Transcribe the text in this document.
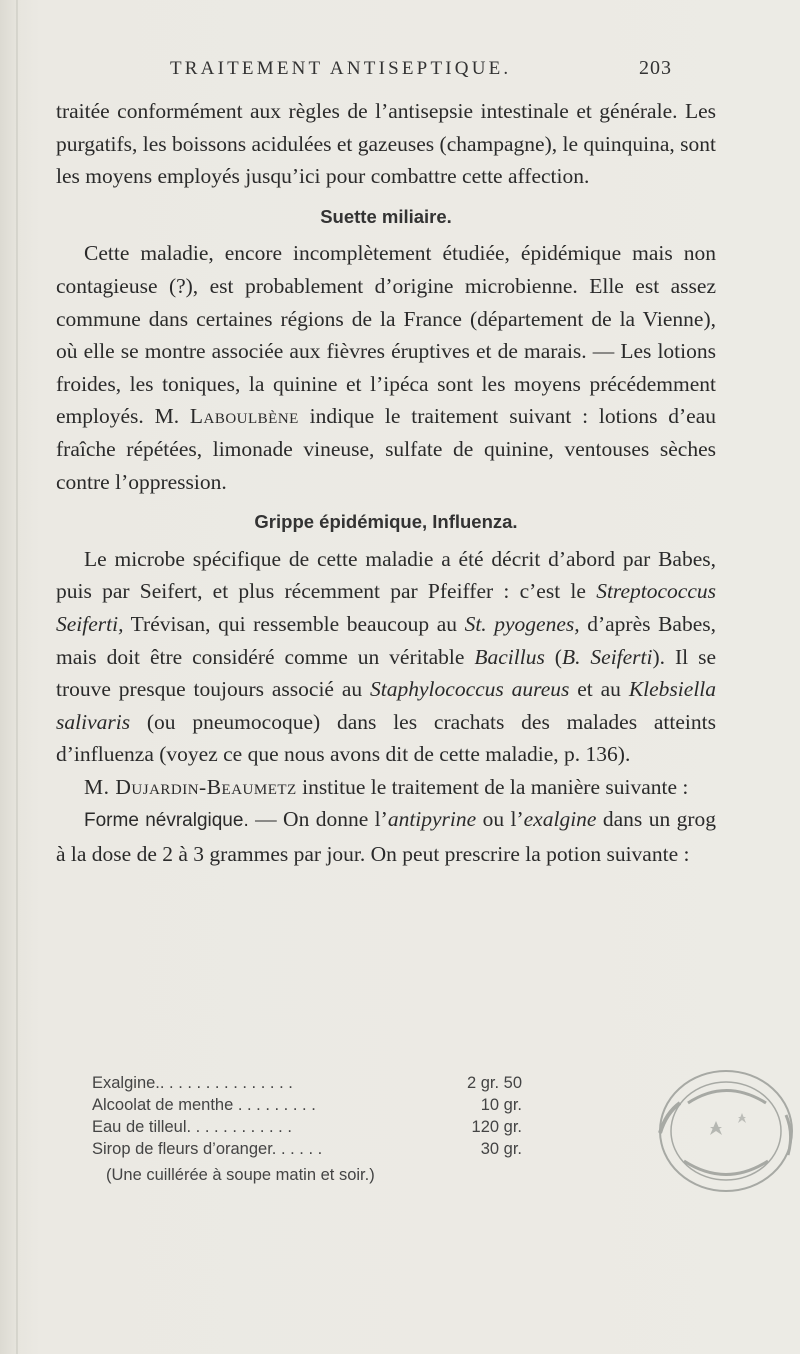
TRAITEMENT ANTISEPTIQUE.	203

traitée conformément aux règles de l’antisepsie intestinale et générale. Les purgatifs, les boissons acidulées et gazeuses (champagne), le quinquina, sont les moyens employés jusqu’ici pour combattre cette affection.

Suette miliaire.

Cette maladie, encore incomplètement étudiée, épidémique mais non contagieuse (?), est probablement d’origine microbienne. Elle est assez commune dans certaines régions de la France (département de la Vienne), où elle se montre associée aux fièvres éruptives et de marais. — Les lotions froides, les toniques, la quinine et l’ipéca sont les moyens précédemment employés. M. Laboulbène indique le traitement suivant : lotions d’eau fraîche répétées, limonade vineuse, sulfate de quinine, ventouses sèches contre l’oppression.

Grippe épidémique, Influenza.

Le microbe spécifique de cette maladie a été décrit d’abord par Babes, puis par Seifert, et plus récemment par Pfeiffer : c’est le Streptococcus Seiferti, Trévisan, qui ressemble beaucoup au St. pyogenes, d’après Babes, mais doit être considéré comme un véritable Bacillus (B. Seiferti). Il se trouve presque toujours associé au Staphylococcus aureus et au Klebsiella salivaris (ou pneumocoque) dans les crachats des malades atteints d’influenza (voyez ce que nous avons dit de cette maladie, p. 136).

M. Dujardin-Beaumetz institue le traitement de la manière suivante :

Forme névralgique. — On donne l’antipyrine ou l’exalgine dans un grog à la dose de 2 à 3 grammes par jour. On peut prescrire la potion suivante :

Exalgine.. . . . . . . . . . . . . . .	2 gr. 50
Alcoolat de menthe . . . . . . . . .	10 gr.
Eau de tilleul. . . . . . . . . . . .	120 gr.
Sirop de fleurs d’oranger. . . . . .	30 gr.
(Une cuillérée à soupe matin et soir.)
